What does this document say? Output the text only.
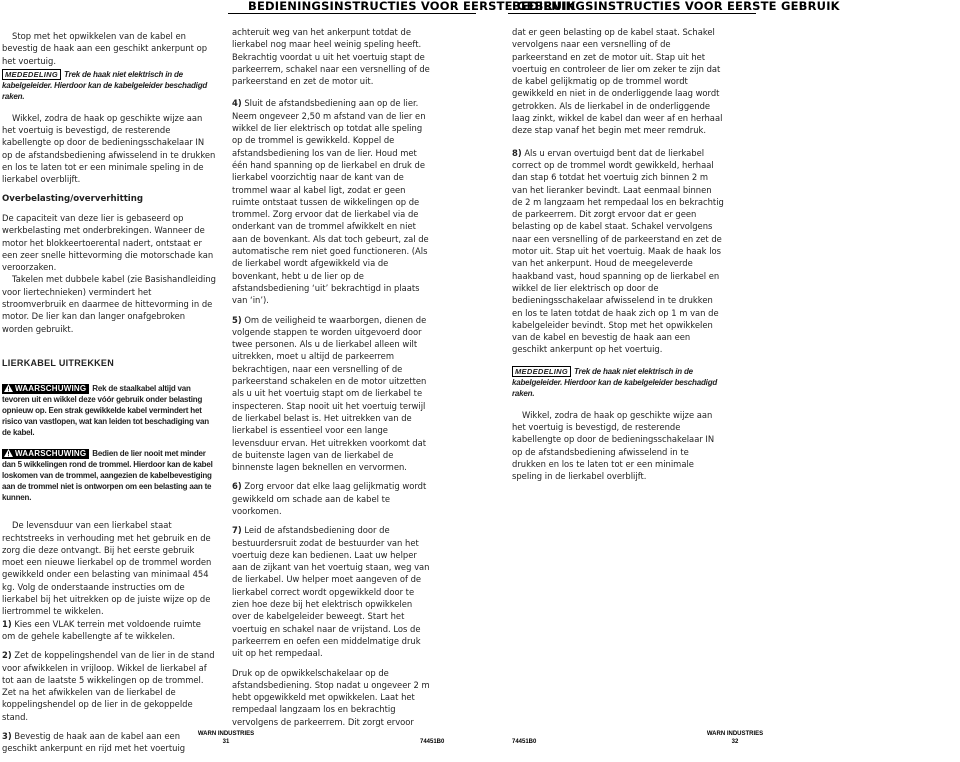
BEDIENINGSINSTRUCTIES VOOR EERSTE GEBRUIK
BEDIENINGSINSTRUCTIES VOOR EERSTE GEBRUIK

Stop met het opwikkelen van de kabel en bevestig de haak aan een geschikt ankerpunt op het voertuig.

MEDEDELING Trek de haak niet elektrisch in de kabelgeleider. Hierdoor kan de kabelgeleider beschadigd raken.

Wikkel, zodra de haak op geschikte wijze aan het voertuig is bevestigd, de resterende kabellengte op door de bedieningsschakelaar IN op de afstandsbediening afwisselend in te drukken en los te laten tot er een minimale speling in de lierkabel overblijft.

Overbelasting/oververhitting

De capaciteit van deze lier is gebaseerd op werkbelasting met onderbrekingen. Wanneer de motor het blokkeertoerental nadert, ontstaat er een zeer snelle hittevorming die motorschade kan veroorzaken.

Takelen met dubbele kabel (zie Basishandleiding voor liertechnieken) vermindert het stroomverbruik en daarmee de hittevorming in de motor. De lier kan dan langer onafgebroken worden gebruikt.

LIERKABEL UITREKKEN

WAARSCHUWING Rek de staalkabel altijd van tevoren uit en wikkel deze vóór gebruik onder belasting opnieuw op. Een strak gewikkelde kabel vermindert het risico van vastlopen, wat kan leiden tot beschadiging van de kabel.

WAARSCHUWING Bedien de lier nooit met minder dan 5 wikkelingen rond de trommel. Hierdoor kan de kabel loskomen van de trommel, aangezien de kabelbevestiging aan de trommel niet is ontworpen om een belasting aan te kunnen.

De levensduur van een lierkabel staat rechtstreeks in verhouding met het gebruik en de zorg die deze ontvangt. Bij het eerste gebruik moet een nieuwe lierkabel op de trommel worden gewikkeld onder een belasting van minimaal 454 kg. Volg de onderstaande instructies om de lierkabel bij het uitrekken op de juiste wijze op de liertrommel te wikkelen.

1) Kies een VLAK terrein met voldoende ruimte om de gehele kabellengte af te wikkelen.

2) Zet de koppelingshendel van de lier in de stand voor afwikkelen in vrijloop. Wikkel de lierkabel af tot aan de laatste 5 wikkelingen op de trommel. Zet na het afwikkelen van de lierkabel de koppelingshendel op de lier in de gekoppelde stand.

3) Bevestig de haak aan de kabel aan een geschikt ankerpunt en rijd met het voertuig

achteruit weg van het ankerpunt totdat de lierkabel nog maar heel weinig speling heeft. Bekrachtig voordat u uit het voertuig stapt de parkeerrem, schakel naar een versnelling of de parkeerstand en zet de motor uit.

4) Sluit de afstandsbediening aan op de lier. Neem ongeveer 2,50 m afstand van de lier en wikkel de lier elektrisch op totdat alle speling op de trommel is gewikkeld. Koppel de afstandsbediening los van de lier. Houd met één hand spanning op de lierkabel en druk de lierkabel voorzichtig naar de kant van de trommel waar al kabel ligt, zodat er geen ruimte ontstaat tussen de wikkelingen op de trommel. Zorg ervoor dat de lierkabel via de onderkant van de trommel afwikkelt en niet aan de bovenkant. Als dat toch gebeurt, zal de automatische rem niet goed functioneren. (Als de lierkabel wordt afgewikkeld via de bovenkant, hebt u de lier op de afstandsbediening ‘uit’ bekrachtigd in plaats van ‘in’).

5) Om de veiligheid te waarborgen, dienen de volgende stappen te worden uitgevoerd door twee personen. Als u de lierkabel alleen wilt uitrekken, moet u altijd de parkeerrem bekrachtigen, naar een versnelling of de parkeerstand schakelen en de motor uitzetten als u uit het voertuig stapt om de lierkabel te inspecteren. Stap nooit uit het voertuig terwijl de lierkabel belast is. Het uitrekken van de lierkabel is essentieel voor een lange levensduur ervan. Het uitrekken voorkomt dat de buitenste lagen van de lierkabel de binnenste lagen beknellen en vervormen.

6) Zorg ervoor dat elke laag gelijkmatig wordt gewikkeld om schade aan de kabel te voorkomen.

7) Leid de afstandsbediening door de bestuurdersruit zodat de bestuurder van het voertuig deze kan bedienen. Laat uw helper aan de zijkant van het voertuig staan, weg van de lierkabel. Uw helper moet aangeven of de lierkabel correct wordt opgewikkeld door te zien hoe deze bij het elektrisch opwikkelen over de kabelgeleider beweegt. Start het voertuig en schakel naar de vrijstand. Los de parkeerrem en oefen een middelmatige druk uit op het rempedaal.

Druk op de opwikkelschakelaar op de afstandsbediening. Stop nadat u ongeveer 2 m hebt opgewikkeld met opwikkelen. Laat het rempedaal langzaam los en bekrachtig vervolgens de parkeerrem. Dit zorgt ervoor

dat er geen belasting op de kabel staat. Schakel vervolgens naar een versnelling of de parkeerstand en zet de motor uit. Stap uit het voertuig en controleer de lier om zeker te zijn dat de kabel gelijkmatig op de trommel wordt gewikkeld en niet in de onderliggende laag wordt getrokken. Als de lierkabel in de onderliggende laag zinkt, wikkel de kabel dan weer af en herhaal deze stap vanaf het begin met meer remdruk.

8) Als u ervan overtuigd bent dat de lierkabel correct op de trommel wordt gewikkeld, herhaal dan stap 6 totdat het voertuig zich binnen 2 m van het lieranker bevindt. Laat eenmaal binnen de 2 m langzaam het rempedaal los en bekrachtig de parkeerrem. Dit zorgt ervoor dat er geen belasting op de kabel staat. Schakel vervolgens naar een versnelling of de parkeerstand en zet de motor uit. Stap uit het voertuig. Maak de haak los van het ankerpunt. Houd de meegeleverde haakband vast, houd spanning op de lierkabel en wikkel de lier elektrisch op door de bedieningsschakelaar afwisselend in te drukken en los te laten totdat de haak zich op 1 m van de kabelgeleider bevindt. Stop met het opwikkelen van de kabel en bevestig de haak aan een geschikt ankerpunt op het voertuig.

MEDEDELING Trek de haak niet elektrisch in de kabelgeleider. Hierdoor kan de kabelgeleider beschadigd raken.

Wikkel, zodra de haak op geschikte wijze aan het voertuig is bevestigd, de resterende kabellengte op door de bedieningsschakelaar IN op de afstandsbediening afwisselend in te drukken en los te laten tot er een minimale speling in de lierkabel overblijft.

WARN INDUSTRIES
31	74451B0	74451B0
WARN INDUSTRIES
32
